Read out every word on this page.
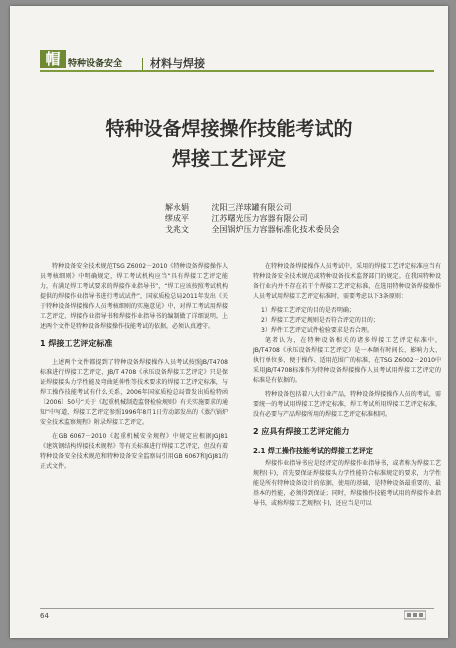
帽 特种设备安全	材料与焊接
特种设备焊接操作技能考试的
焊接工艺评定
解永娟	沈阳三洋球罐有限公司
缪成平	江苏曙光压力容器有限公司
戈兆文	全国锅炉压力容器标准化技术委员会

特种设备安全技术规范TSG Z6002－2010《特种设备焊接操作人员考核细则》中明确规定，焊工考试机构应当“具有焊接工艺评定能力，有满足焊工考试要求的焊接作业指导书”，“焊工应该按照考试机构提供的焊接作业指导书进行考试试件”，国家质检总局2011年发出《关于特种设备焊接操作人员考核细则的实施意见》中，对焊工考试用焊接工艺评定、焊接作业指导书和焊接作业指导书的编制做了详细说明。上述两个文件是特种设备焊接操作技能考试的依据，必须认真遵守。

1 焊接工艺评定标准

上述两个文件都提到了特种设备焊接操作人员考试按照JB/T4708标准进行焊接工艺评定，JB/T 4708《承压设备焊接工艺评定》只是保证焊接接头力学性能及弯曲延伸性等技术要求的焊接工艺评定标准，与焊工操作技能考试有什么关系，2006年国家质检总局曾发出质检特函〔2006〕50号“关于《起重机械制造监督检验规则》有关实施要求的通知”中写道，焊接工艺评定参照1996年8月1日劳动部发出的《蒸汽锅炉安全技术监察规程》附录焊接工艺评定。

在GB 6067－2010《起重机械安全规程》中规定应根据JGJ81《建筑钢结构焊接技术规程》等有关标准进行焊接工艺评定，但没有着特种设备安全技术规范和特种设备安全监察局引用GB 6067和JGJ81的正式文件。

在特种设备焊接操作人员考试中，采用的焊接工艺评定标准应当有特种设备安全技术规范或特种设备技术监督部门的规定。在我国特种设备行业内并不存在若干个焊接工艺评定标准，在选用特种设备焊接操作人员考试用焊接工艺评定标准时，需要考虑以下3条原则：

1）焊接工艺评定的目的是否明确；

2）焊接工艺评定规则是否符合评定的目的；

3）焊件工艺评定试件检验要求是否合理。

笔者认为，在特种设备相关的诸多焊接工艺评定标准中，JB/T4708《承压设备焊接工艺评定》是一本颇有时间长、影响力大、执行单位多、便于操作、适用范围广的标准，在TSG Z6002－2010中采用JB/T4708标准作为特种设备焊接操作人员考试用焊接工艺评定的标准是有依据的。

特种设备包括着八大行业产品，特种设备焊接操作人员的考试，需要统一的考试用焊接工艺评定标准，焊工考试所用焊接工艺评定标准，没有必要与产品焊接所用的焊接工艺评定标准相同。

2 应具有焊接工艺评定能力
2.1 焊工操作技能考试的焊接工艺评定

焊接作业指导书应是经评定的焊接作业指导书，或者称为焊接工艺规程(卡)，首先要保证焊接接头力学性能符合标准规定的要求，力学性能是所有特种设备设计的依据，使用的基础，是特种设备最重要的、最基本的性能，必须得到保证；同时，焊接操作技能考试用的焊接作业指导书，或称焊接工艺规程(卡)，还应当是可以

64
